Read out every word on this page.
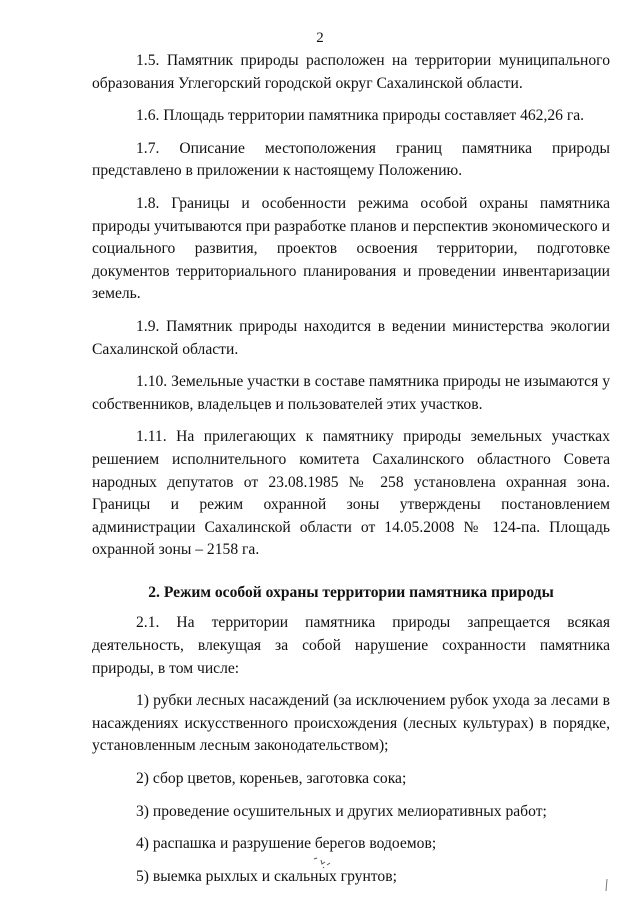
2

1.5. Памятник природы расположен на территории муниципального образования Углегорский городской округ Сахалинской области.

1.6. Площадь территории памятника природы составляет 462,26 га.

1.7. Описание местоположения границ памятника природы представлено в приложении к настоящему Положению.

1.8. Границы и особенности режима особой охраны памятника природы учитываются при разработке планов и перспектив экономического и социального развития, проектов освоения территории, подготовке документов территориального планирования и проведении инвентаризации земель.

1.9. Памятник природы находится в ведении министерства экологии Сахалинской области.

1.10. Земельные участки в составе памятника природы не изымаются у собственников, владельцев и пользователей этих участков.

1.11. На прилегающих к памятнику природы земельных участках решением исполнительного комитета Сахалинского областного Совета народных депутатов от 23.08.1985 № 258 установлена охранная зона. Границы и режим охранной зоны утверждены постановлением администрации Сахалинской области от 14.05.2008 № 124-па. Площадь охранной зоны – 2158 га.

2. Режим особой охраны территории памятника природы

2.1. На территории памятника природы запрещается всякая деятельность, влекущая за собой нарушение сохранности памятника природы, в том числе:

1) рубки лесных насаждений (за исключением рубок ухода за лесами в насаждениях искусственного происхождения (лесных культурах) в порядке, установленным лесным законодательством);

2) сбор цветов, кореньев, заготовка сока;

3) проведение осушительных и других мелиоративных работ;

4) распашка и разрушение берегов водоемов;

5) выемка рыхлых и скальных грунтов;
